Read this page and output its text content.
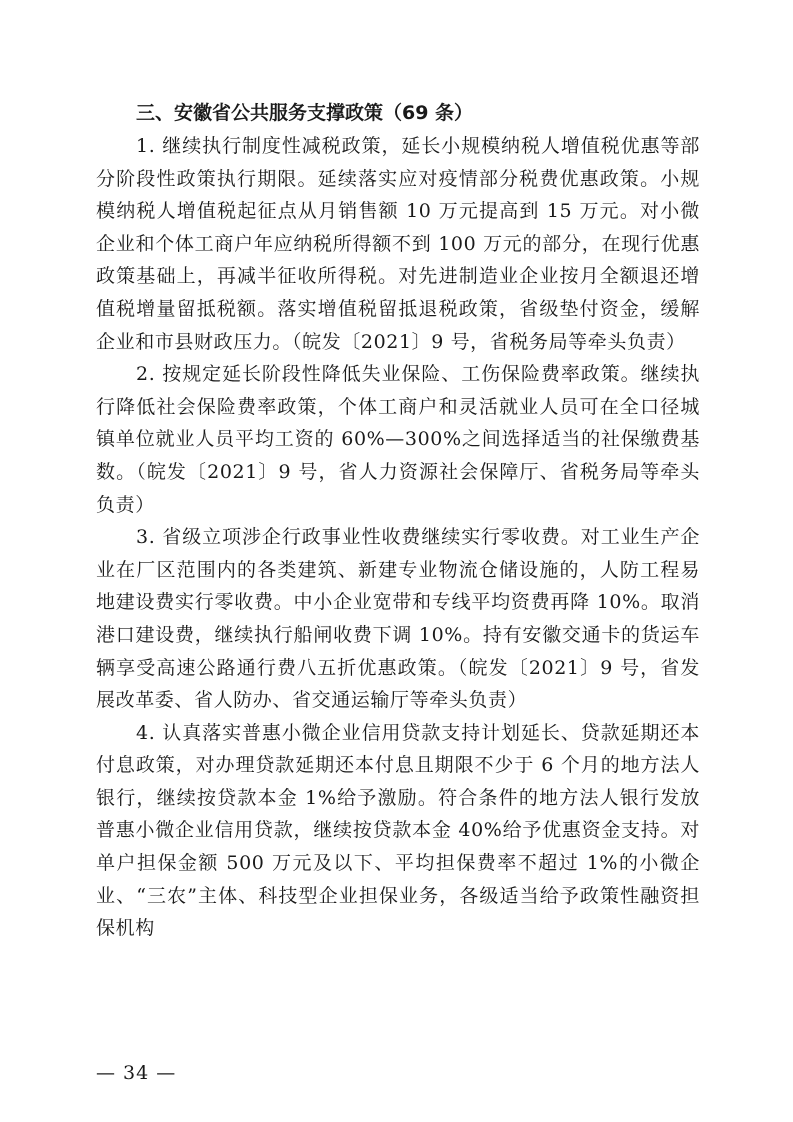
三、安徽省公共服务支撑政策（69 条）

1. 继续执行制度性减税政策，延长小规模纳税人增值税优惠等部分阶段性政策执行期限。延续落实应对疫情部分税费优惠政策。小规模纳税人增值税起征点从月销售额 10 万元提高到 15 万元。对小微企业和个体工商户年应纳税所得额不到 100 万元的部分，在现行优惠政策基础上，再减半征收所得税。对先进制造业企业按月全额退还增值税增量留抵税额。落实增值税留抵退税政策，省级垫付资金，缓解企业和市县财政压力。（皖发〔2021〕9 号，省税务局等牵头负责）

2. 按规定延长阶段性降低失业保险、工伤保险费率政策。继续执行降低社会保险费率政策，个体工商户和灵活就业人员可在全口径城镇单位就业人员平均工资的 60%—300%之间选择适当的社保缴费基数。（皖发〔2021〕9 号，省人力资源社会保障厅、省税务局等牵头负责）

3. 省级立项涉企行政事业性收费继续实行零收费。对工业生产企业在厂区范围内的各类建筑、新建专业物流仓储设施的，人防工程易地建设费实行零收费。中小企业宽带和专线平均资费再降 10%。取消港口建设费，继续执行船闸收费下调 10%。持有安徽交通卡的货运车辆享受高速公路通行费八五折优惠政策。（皖发〔2021〕9 号，省发展改革委、省人防办、省交通运输厅等牵头负责）

4. 认真落实普惠小微企业信用贷款支持计划延长、贷款延期还本付息政策，对办理贷款延期还本付息且期限不少于 6 个月的地方法人银行，继续按贷款本金 1%给予激励。符合条件的地方法人银行发放普惠小微企业信用贷款，继续按贷款本金 40%给予优惠资金支持。对单户担保金额 500 万元及以下、平均担保费率不超过 1%的小微企业、“三农”主体、科技型企业担保业务，各级适当给予政策性融资担保机构

— 34 —
